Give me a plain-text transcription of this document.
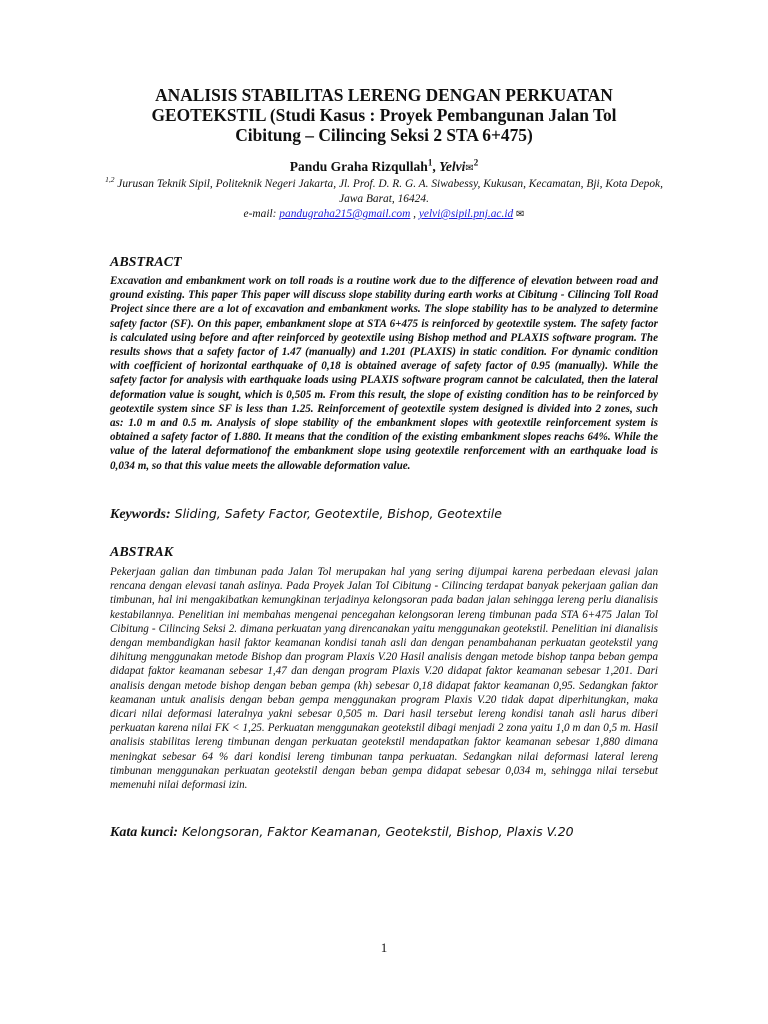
ANALISIS STABILITAS LERENG DENGAN PERKUATAN GEOTEKSTIL (Studi Kasus : Proyek Pembangunan Jalan Tol Cibitung – Cilincing Seksi 2 STA 6+475)
Pandu Graha Rizqullah$^1$, Yelvi✉$^2$
$^{1,2}$ Jurusan Teknik Sipil, Politeknik Negeri Jakarta, Jl. Prof. D. R. G. A. Siwabessy, Kukusan, Kecamatan, Bji, Kota Depok, Jawa Barat, 16424.
e-mail: pandugraha215@gmail.com , yelvi@sipil.pnj.ac.id ✉
ABSTRACT
Excavation and embankment work on toll roads is a routine work due to the difference of elevation between road and ground existing. This paper This paper will discuss slope stability during earth works at Cibitung - Cilincing Toll Road Project since there are a lot of excavation and embankment works. The slope stability has to be analyzed to determine safety factor (SF). On this paper, embankment slope at STA 6+475 is reinforced by geotextile system. The safety factor is calculated using before and after reinforced by geotextile using Bishop method and PLAXIS software program. The results shows that a safety factor of 1.47 (manually) and 1.201 (PLAXIS) in static condition. For dynamic condition with coefficient of horizontal earthquake of 0,18 is obtained average of safety factor of 0.95 (manually). While the safety factor for analysis with earthquake loads using PLAXIS software program cannot be calculated, then the lateral deformation value is sought, which is 0,505 m. From this result, the slope of existing condition has to be reinforced by geotextile system since SF is less than 1.25. Reinforcement of geotextile system designed is divided into 2 zones, such as: 1.0 m and 0.5 m. Analysis of slope stability of the embankment slopes with geotextile reinforcement system is obtained a safety factor of 1.880. It means that the condition of the existing embankment slopes reachs 64%. While the value of the lateral deformationof the embankment slope using geotextile renforcement with an earthquake load is 0,034 m, so that this value meets the allowable deformation value.
Keywords: Sliding, Safety Factor, Geotextile, Bishop, Geotextile
ABSTRAK
Pekerjaan galian dan timbunan pada Jalan Tol merupakan hal yang sering dijumpai karena perbedaan elevasi jalan rencana dengan elevasi tanah aslinya. Pada Proyek Jalan Tol Cibitung - Cilincing terdapat banyak pekerjaan galian dan timbunan, hal ini mengakibatkan kemungkinan terjadinya kelongsoran pada badan jalan sehingga lereng perlu dianalisis kestabilannya. Penelitian ini membahas mengenai pencegahan kelongsoran lereng timbunan pada STA 6+475 Jalan Tol Cibitung - Cilincing Seksi 2. dimana perkuatan yang direncanakan yaitu menggunakan geotekstil. Penelitian ini dianalisis dengan membandigkan hasil faktor keamanan kondisi tanah asli dan dengan penambahanan perkuatan geotekstil yang dihitung menggunakan metode Bishop dan program Plaxis V.20 Hasil analisis dengan metode bishop tanpa beban gempa didapat faktor keamanan sebesar 1,47 dan dengan program Plaxis V.20 didapat faktor keamanan sebesar 1,201. Dari analisis dengan metode bishop dengan beban gempa (kh) sebesar 0,18 didapat faktor keamanan 0,95. Sedangkan faktor keamanan untuk analisis dengan beban gempa menggunakan program Plaxis V.20 tidak dapat diperhitungkan, maka dicari nilai deformasi lateralnya yakni sebesar 0,505 m. Dari hasil tersebut lereng kondisi tanah asli harus diberi perkuatan karena nilai FK < 1,25. Perkuatan menggunakan geotekstil dibagi menjadi 2 zona yaitu 1,0 m dan 0,5 m. Hasil analisis stabilitas lereng timbunan dengan perkuatan geotekstil mendapatkan faktor keamanan sebesar 1,880 dimana meningkat sebesar 64 % dari kondisi lereng timbunan tanpa perkuatan. Sedangkan nilai deformasi lateral lereng timbunan menggunakan perkuatan geotekstil dengan beban gempa didapat sebesar 0,034 m, sehingga nilai tersebut memenuhi nilai deformasi izin.
Kata kunci: Kelongsoran, Faktor Keamanan, Geotekstil, Bishop, Plaxis V.20
1
